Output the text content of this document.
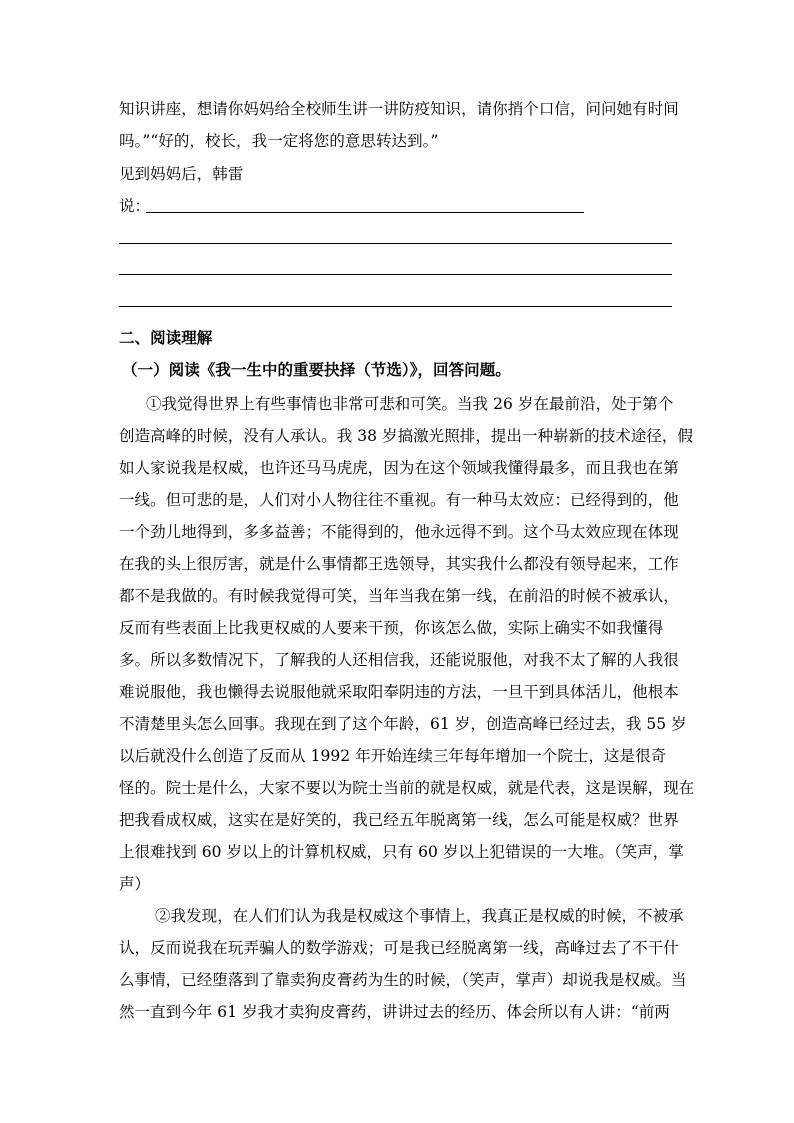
知识讲座，想请你妈妈给全校师生讲一讲防疫知识，请你捎个口信，问问她有时间
吗。”“好的，校长，我一定将您的意思转达到。”
见到妈妈后，韩雷
说：
二、阅读理解
（一）阅读《我一生中的重要抉择（节选）》，回答问题。
①我觉得世界上有些事情也非常可悲和可笑。当我 26 岁在最前沿，处于第个
创造高峰的时候，没有人承认。我 38 岁搞激光照排，提出一种崭新的技术途径，假
如人家说我是权威，也许还马马虎虎，因为在这个领域我懂得最多，而且我也在第
一线。但可悲的是，人们对小人物往往不重视。有一种马太效应：已经得到的，他
一个劲儿地得到，多多益善；不能得到的，他永远得不到。这个马太效应现在体现
在我的头上很厉害，就是什么事情都王选领导，其实我什么都没有领导起来，工作
都不是我做的。有时候我觉得可笑，当年当我在第一线，在前沿的时候不被承认，
反而有些表面上比我更权威的人要来干预，你该怎么做，实际上确实不如我懂得
多。所以多数情况下，了解我的人还相信我，还能说服他，对我不太了解的人我很
难说服他，我也懒得去说服他就采取阳奉阴违的方法，一旦干到具体活儿，他根本
不清楚里头怎么回事。我现在到了这个年龄，61 岁，创造高峰已经过去，我 55 岁
以后就没什么创造了反而从 1992 年开始连续三年每年增加一个院士，这是很奇
怪的。院士是什么，大家不要以为院士当前的就是权威，就是代表，这是误解，现在
把我看成权威，这实在是好笑的，我已经五年脱离第一线，怎么可能是权威？世界
上很难找到 60 岁以上的计算机权威，只有 60 岁以上犯错误的一大堆。（笑声，掌
声）
②我发现，在人们们认为我是权威这个事情上，我真正是权威的时候，不被承
认，反而说我在玩弄骗人的数学游戏；可是我已经脱离第一线，高峰过去了不干什
么事情，已经堕落到了靠卖狗皮膏药为生的时候，（笑声，掌声）却说我是权威。当
然一直到今年 61 岁我才卖狗皮膏药，讲讲过去的经历、体会所以有人讲：“前两
